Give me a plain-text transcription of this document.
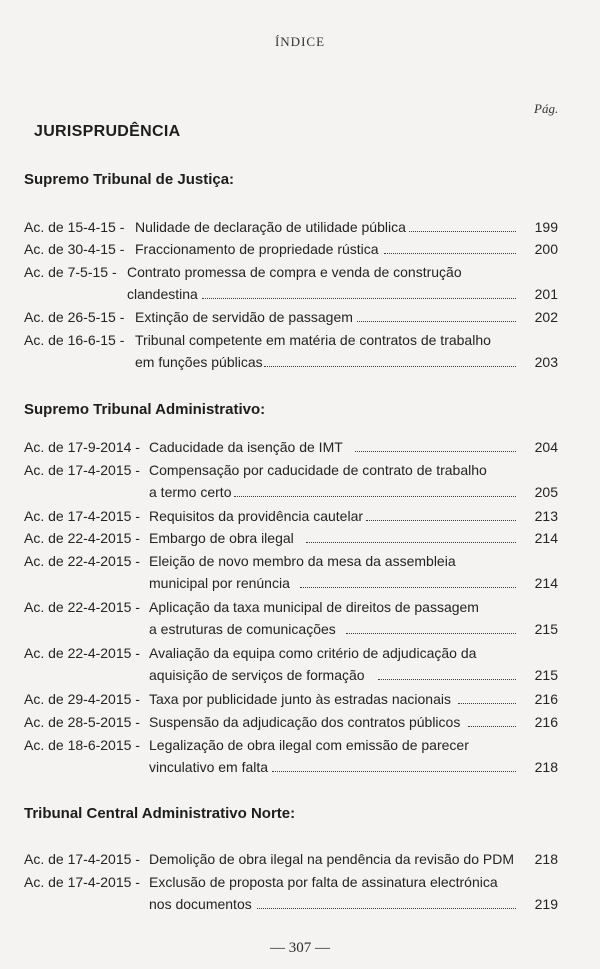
ÍNDICE
Pág.
JURISPRUDÊNCIA
Supremo Tribunal de Justiça:
Ac. de 15-4-15 - Nulidade de declaração de utilidade pública	199
Ac. de 30-4-15 - Fraccionamento de propriedade rústica	200
Ac. de 7-5-15 - Contrato promessa de compra e venda de construção
clandestina	201
Ac. de 26-5-15 - Extinção de servidão de passagem	202
Ac. de 16-6-15 - Tribunal competente em matéria de contratos de trabalho
em funções públicas	203
Supremo Tribunal Administrativo:
Ac. de 17-9-2014 - Caducidade da isenção de IMT	204
Ac. de 17-4-2015 - Compensação por caducidade de contrato de trabalho
a termo certo	205
Ac. de 17-4-2015 - Requisitos da providência cautelar	213
Ac. de 22-4-2015 - Embargo de obra ilegal	214
Ac. de 22-4-2015 - Eleição de novo membro da mesa da assembleia
municipal por renúncia	214
Ac. de 22-4-2015 - Aplicação da taxa municipal de direitos de passagem
a estruturas de comunicações	215
Ac. de 22-4-2015 - Avaliação da equipa como critério de adjudicação da
aquisição de serviços de formação	215
Ac. de 29-4-2015 - Taxa por publicidade junto às estradas nacionais	216
Ac. de 28-5-2015 - Suspensão da adjudicação dos contratos públicos	216
Ac. de 18-6-2015 - Legalização de obra ilegal com emissão de parecer
vinculativo em falta	218
Tribunal Central Administrativo Norte:
Ac. de 17-4-2015 - Demolição de obra ilegal na pendência da revisão do PDM 218
Ac. de 17-4-2015 - Exclusão de proposta por falta de assinatura electrónica
nos documentos	219
— 307 —
